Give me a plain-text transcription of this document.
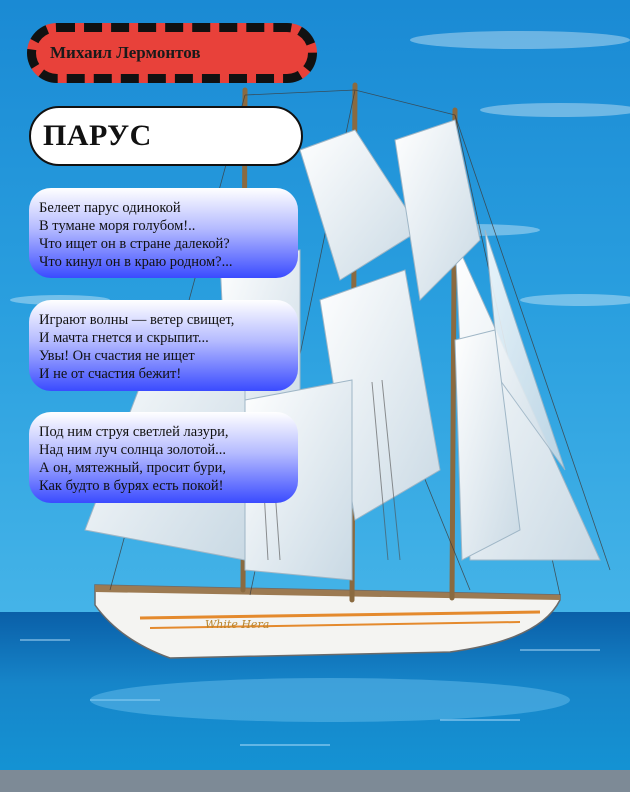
White Hera
Михаил Лермонтов
ПАРУС
Белеет парус одинокой
В тумане моря голубом!..
Что ищет он в стране далекой?
Что кинул он в краю родном?...
Играют волны — ветер свищет,
И мачта гнется и скрыпит...
Увы! Он счастия не ищет
И не от счастия бежит!
Под ним струя светлей лазури,
Над ним луч солнца золотой...
А он, мятежный, просит бури,
Как будто в бурях есть покой!
